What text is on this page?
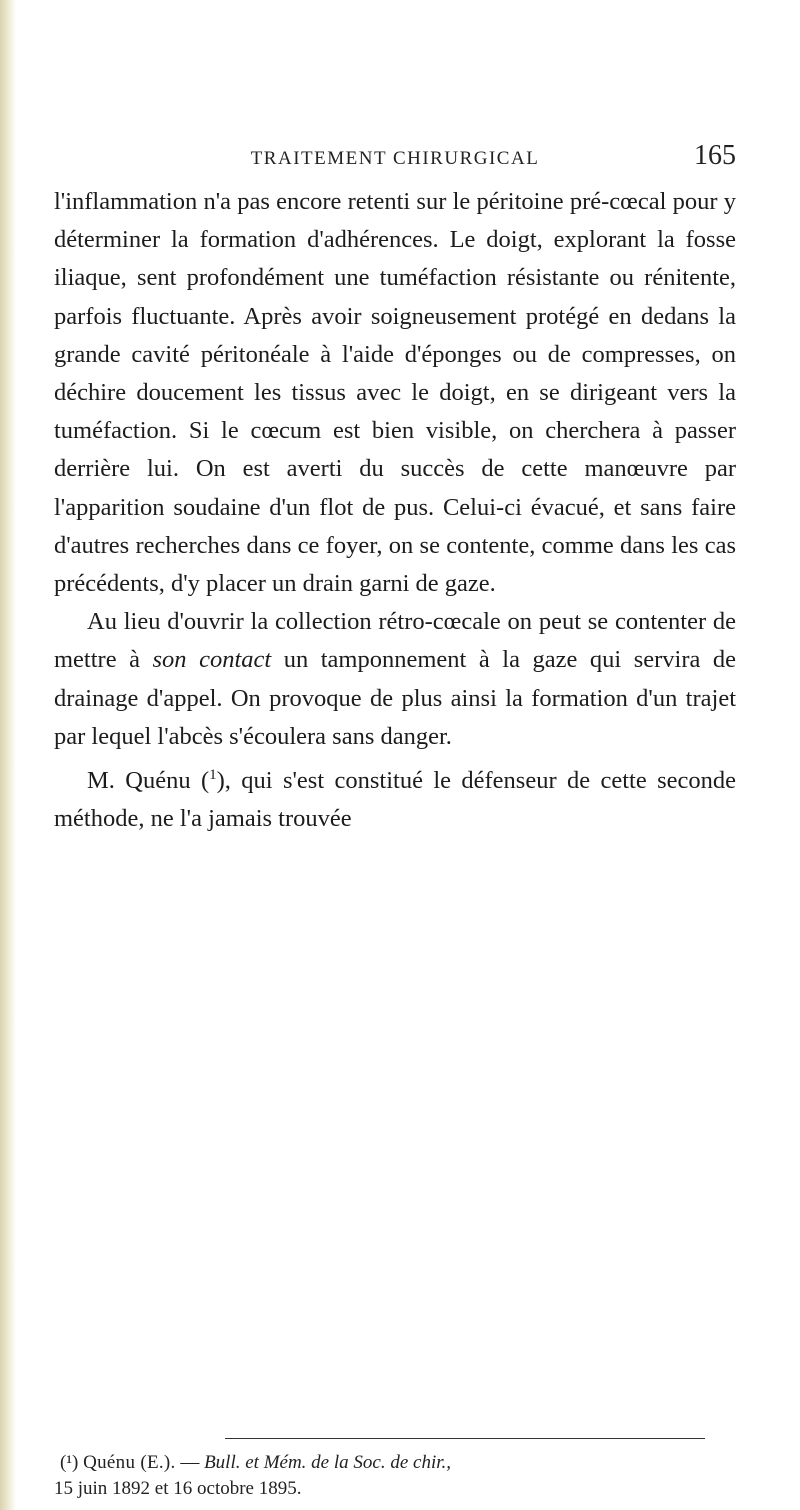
TRAITEMENT CHIRURGICAL	165

l'inflammation n'a pas encore retenti sur le péritoine pré-cœcal pour y déterminer la formation d'adhérences. Le doigt, explorant la fosse iliaque, sent profondément une tuméfaction résistante ou rénitente, parfois fluctuante. Après avoir soigneusement protégé en dedans la grande cavité péritonéale à l'aide d'éponges ou de compresses, on déchire doucement les tissus avec le doigt, en se dirigeant vers la tuméfaction. Si le cœcum est bien visible, on cherchera à passer derrière lui. On est averti du succès de cette manœuvre par l'apparition soudaine d'un flot de pus. Celui-ci évacué, et sans faire d'autres recherches dans ce foyer, on se contente, comme dans les cas précédents, d'y placer un drain garni de gaze.

Au lieu d'ouvrir la collection rétro-cœcale on peut se contenter de mettre à son contact un tamponnement à la gaze qui servira de drainage d'appel. On provoque de plus ainsi la formation d'un trajet par lequel l'abcès s'écoulera sans danger.

M. Quénu ($^1$), qui s'est constitué le défenseur de cette seconde méthode, ne l'a jamais trouvée

(¹) Quénu (E.). — Bull. et Mém. de la Soc. de chir.,
15 juin 1892 et 16 octobre 1895.
